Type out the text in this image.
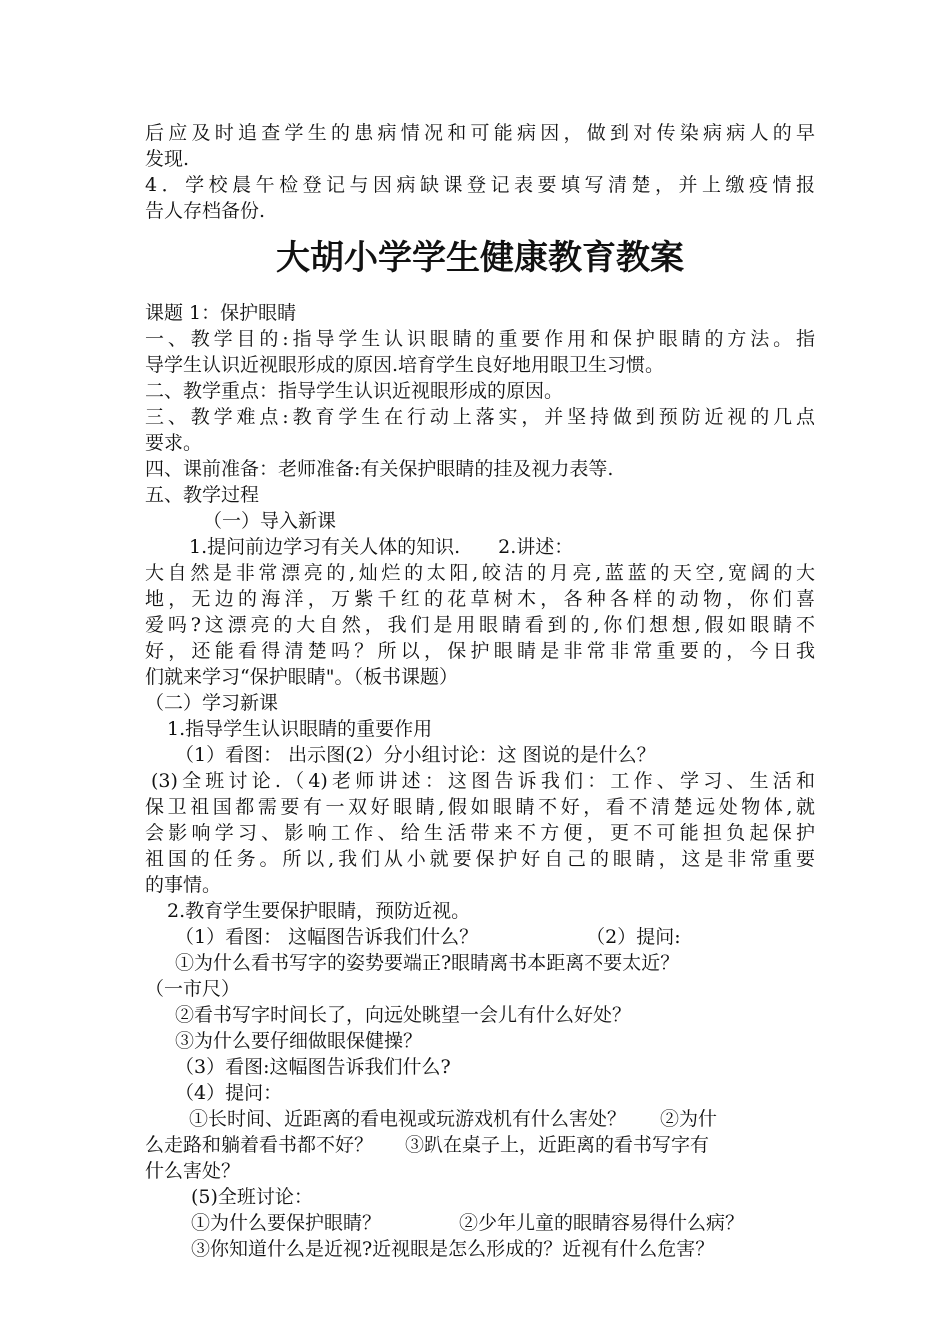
后应及时追查学生的患病情况和可能病因，做到对传染病病人的早
发现.
4．学校晨午检登记与因病缺课登记表要填写清楚，并上缴疫情报
告人存档备份.
大胡小学学生健康教育教案
课题 1：保护眼睛
一、教学目的:指导学生认识眼睛的重要作用和保护眼睛的方法。指
导学生认识近视眼形成的原因.培育学生良好地用眼卫生习惯。
二、教学重点：指导学生认识近视眼形成的原因。
三、教学难点:教育学生在行动上落实，并坚持做到预防近视的几点
要求。
四、课前准备：老师准备:有关保护眼睛的挂及视力表等.
五、教学过程
（一）导入新课
1.提问前边学习有关人体的知识. 2.讲述：
大自然是非常漂亮的,灿烂的太阳,皎洁的月亮,蓝蓝的天空,宽阔的大
地，无边的海洋，万紫千红的花草树木，各种各样的动物，你们喜
爱吗?这漂亮的大自然，我们是用眼睛看到的,你们想想,假如眼睛不
好，还能看得清楚吗？所以，保护眼睛是非常非常重要的，今日我
们就来学习“保护眼睛"。（板书课题）
（二）学习新课
1.指导学生认识眼睛的重要作用
（1）看图： 出示图(2）分小组讨论：这 图说的是什么？
(3)全班讨论.（4)老师讲述：这图告诉我们：工作、学习、生活和
保卫祖国都需要有一双好眼睛,假如眼睛不好，看不清楚远处物体,就
会影响学习、影响工作、给生活带来不方便，更不可能担负起保护
祖国的任务。所以,我们从小就要保护好自己的眼睛，这是非常重要
的事情。
2.教育学生要保护眼睛，预防近视。
（1）看图： 这幅图告诉我们什么？	（2）提问:
①为什么看书写字的姿势要端正?眼睛离书本距离不要太近？
（一市尺）
②看书写字时间长了，向远处眺望一会儿有什么好处？
③为什么要仔细做眼保健操？
（3）看图:这幅图告诉我们什么?
（4）提问：
①长时间、近距离的看电视或玩游戏机有什么害处？ ②为什
么走路和躺着看书都不好？ ③趴在桌子上，近距离的看书写字有
什么害处？
(5)全班讨论：
①为什么要保护眼睛？	②少年儿童的眼睛容易得什么病？
③你知道什么是近视?近视眼是怎么形成的？近视有什么危害？
